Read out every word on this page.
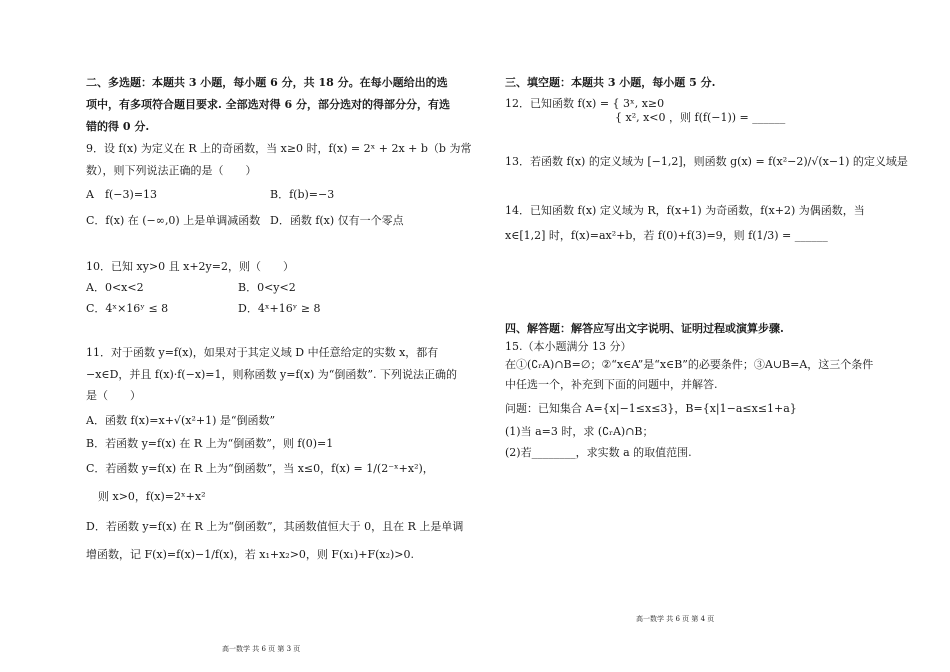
二、多选题：本题共 3 小题，每小题 6 分，共 18 分。在每小题给出的选
项中，有多项符合题目要求. 全部选对得 6 分，部分选对的得部分分，有选
错的得 0 分.
9．设 f(x) 为定义在 R 上的奇函数，当 x≥0 时，f(x) = 2ˣ + 2x + b（b 为常
数），则下列说法正确的是（　　）
A　f(−3)=13	B．f(b)=−3
C．f(x) 在 (−∞,0) 上是单调减函数 D．函数 f(x) 仅有一个零点
10．已知 xy>0 且 x+2y=2，则（　　）
A．0<x<2	B．0<y<2
C．4ˣ×16ʸ ≤ 8	D．4ˣ+16ʸ ≥ 8
11．对于函数 y=f(x)，如果对于其定义域 D 中任意给定的实数 x，都有
−x∈D，并且 f(x)·f(−x)=1，则称函数 y=f(x) 为“倒函数”. 下列说法正确的
是（　　）
A．函数 f(x)=x+√(x²+1) 是“倒函数”
B．若函数 y=f(x) 在 R 上为“倒函数”，则 f(0)=1
C．若函数 y=f(x) 在 R 上为“倒函数”，当 x≤0，f(x) = 1/(2⁻ˣ+x²)，
则 x>0，f(x)=2ˣ+x²
D．若函数 y=f(x) 在 R 上为“倒函数”，其函数值恒大于 0，且在 R 上是单调
增函数，记 F(x)=f(x)−1/f(x)，若 x₁+x₂>0，则 F(x₁)+F(x₂)>0.
高一数学 共 6 页 第 3 页
三、填空题：本题共 3 小题，每小题 5 分.
12．已知函数 f(x) = { 3ˣ, x≥0
　　　　　　　　　　{ x², x<0 ，则 f(f(−1)) = ______
13．若函数 f(x) 的定义域为 [−1,2]，则函数 g(x) = f(x²−2)/√(x−1) 的定义域是
14．已知函数 f(x) 定义域为 R，f(x+1) 为奇函数，f(x+2) 为偶函数，当
x∈[1,2] 时，f(x)=ax²+b，若 f(0)+f(3)=9，则 f(1/3) = ______
四、解答题：解答应写出文字说明、证明过程或演算步骤.
15.（本小题满分 13 分）
在①(∁ᵣA)∩B=∅；②“x∈A”是“x∈B”的必要条件；③A∪B=A，这三个条件
中任选一个，补充到下面的问题中，并解答.
问题：已知集合 A={x|−1≤x≤3}，B={x|1−a≤x≤1+a}
(1)当 a=3 时，求 (∁ᵣA)∩B；
(2)若________，求实数 a 的取值范围.
高一数学 共 6 页 第 4 页
